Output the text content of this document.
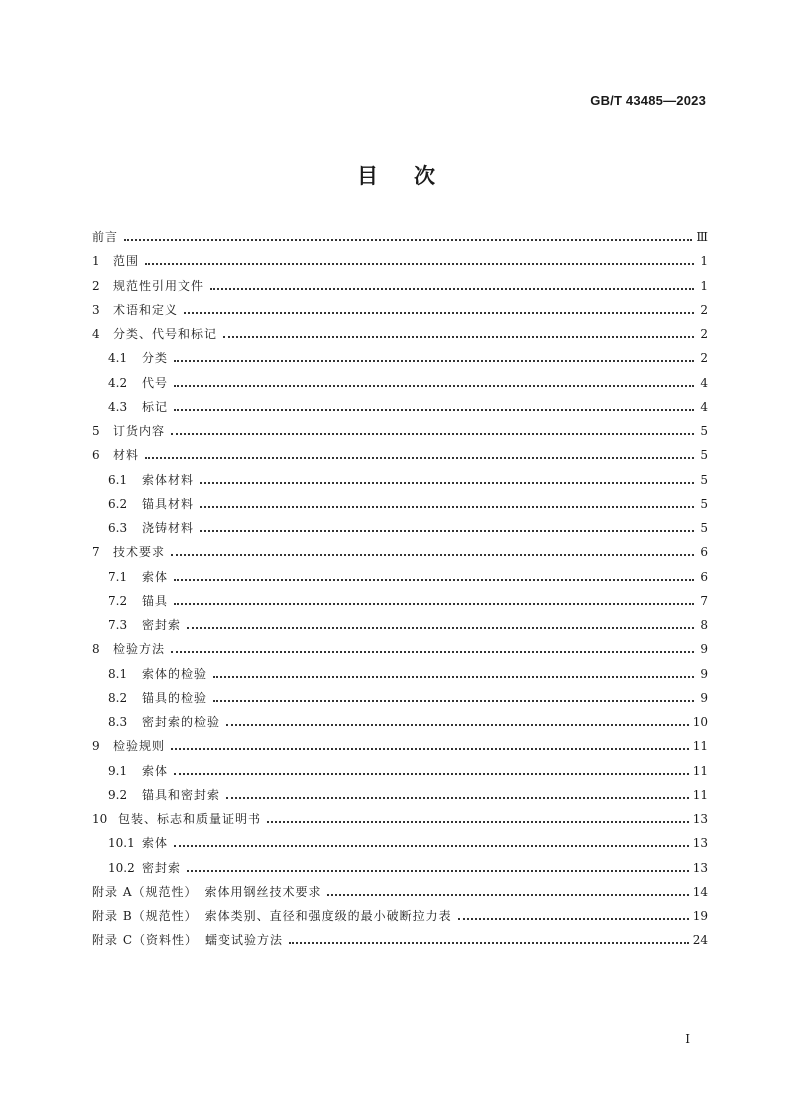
GB/T 43485—2023
目 次
前言	Ⅲ
1	范围	1
2	规范性引用文件	1
3	术语和定义	2
4	分类、代号和标记	2
4.1	分类	2
4.2	代号	4
4.3	标记	4
5	订货内容	5
6	材料	5
6.1	索体材料	5
6.2	锚具材料	5
6.3	浇铸材料	5
7	技术要求	6
7.1	索体	6
7.2	锚具	7
7.3	密封索	8
8	检验方法	9
8.1	索体的检验	9
8.2	锚具的检验	9
8.3	密封索的检验	10
9	检验规则	11
9.1	索体	11
9.2	锚具和密封索	11
10 包装、标志和质量证明书	13
10.1 索体	13
10.2 密封索	13
附录 A（规范性）　索体用钢丝技术要求	14
附录 B（规范性）　索体类别、直径和强度级的最小破断拉力表	19
附录 C（资料性）　蠕变试验方法	24
I
